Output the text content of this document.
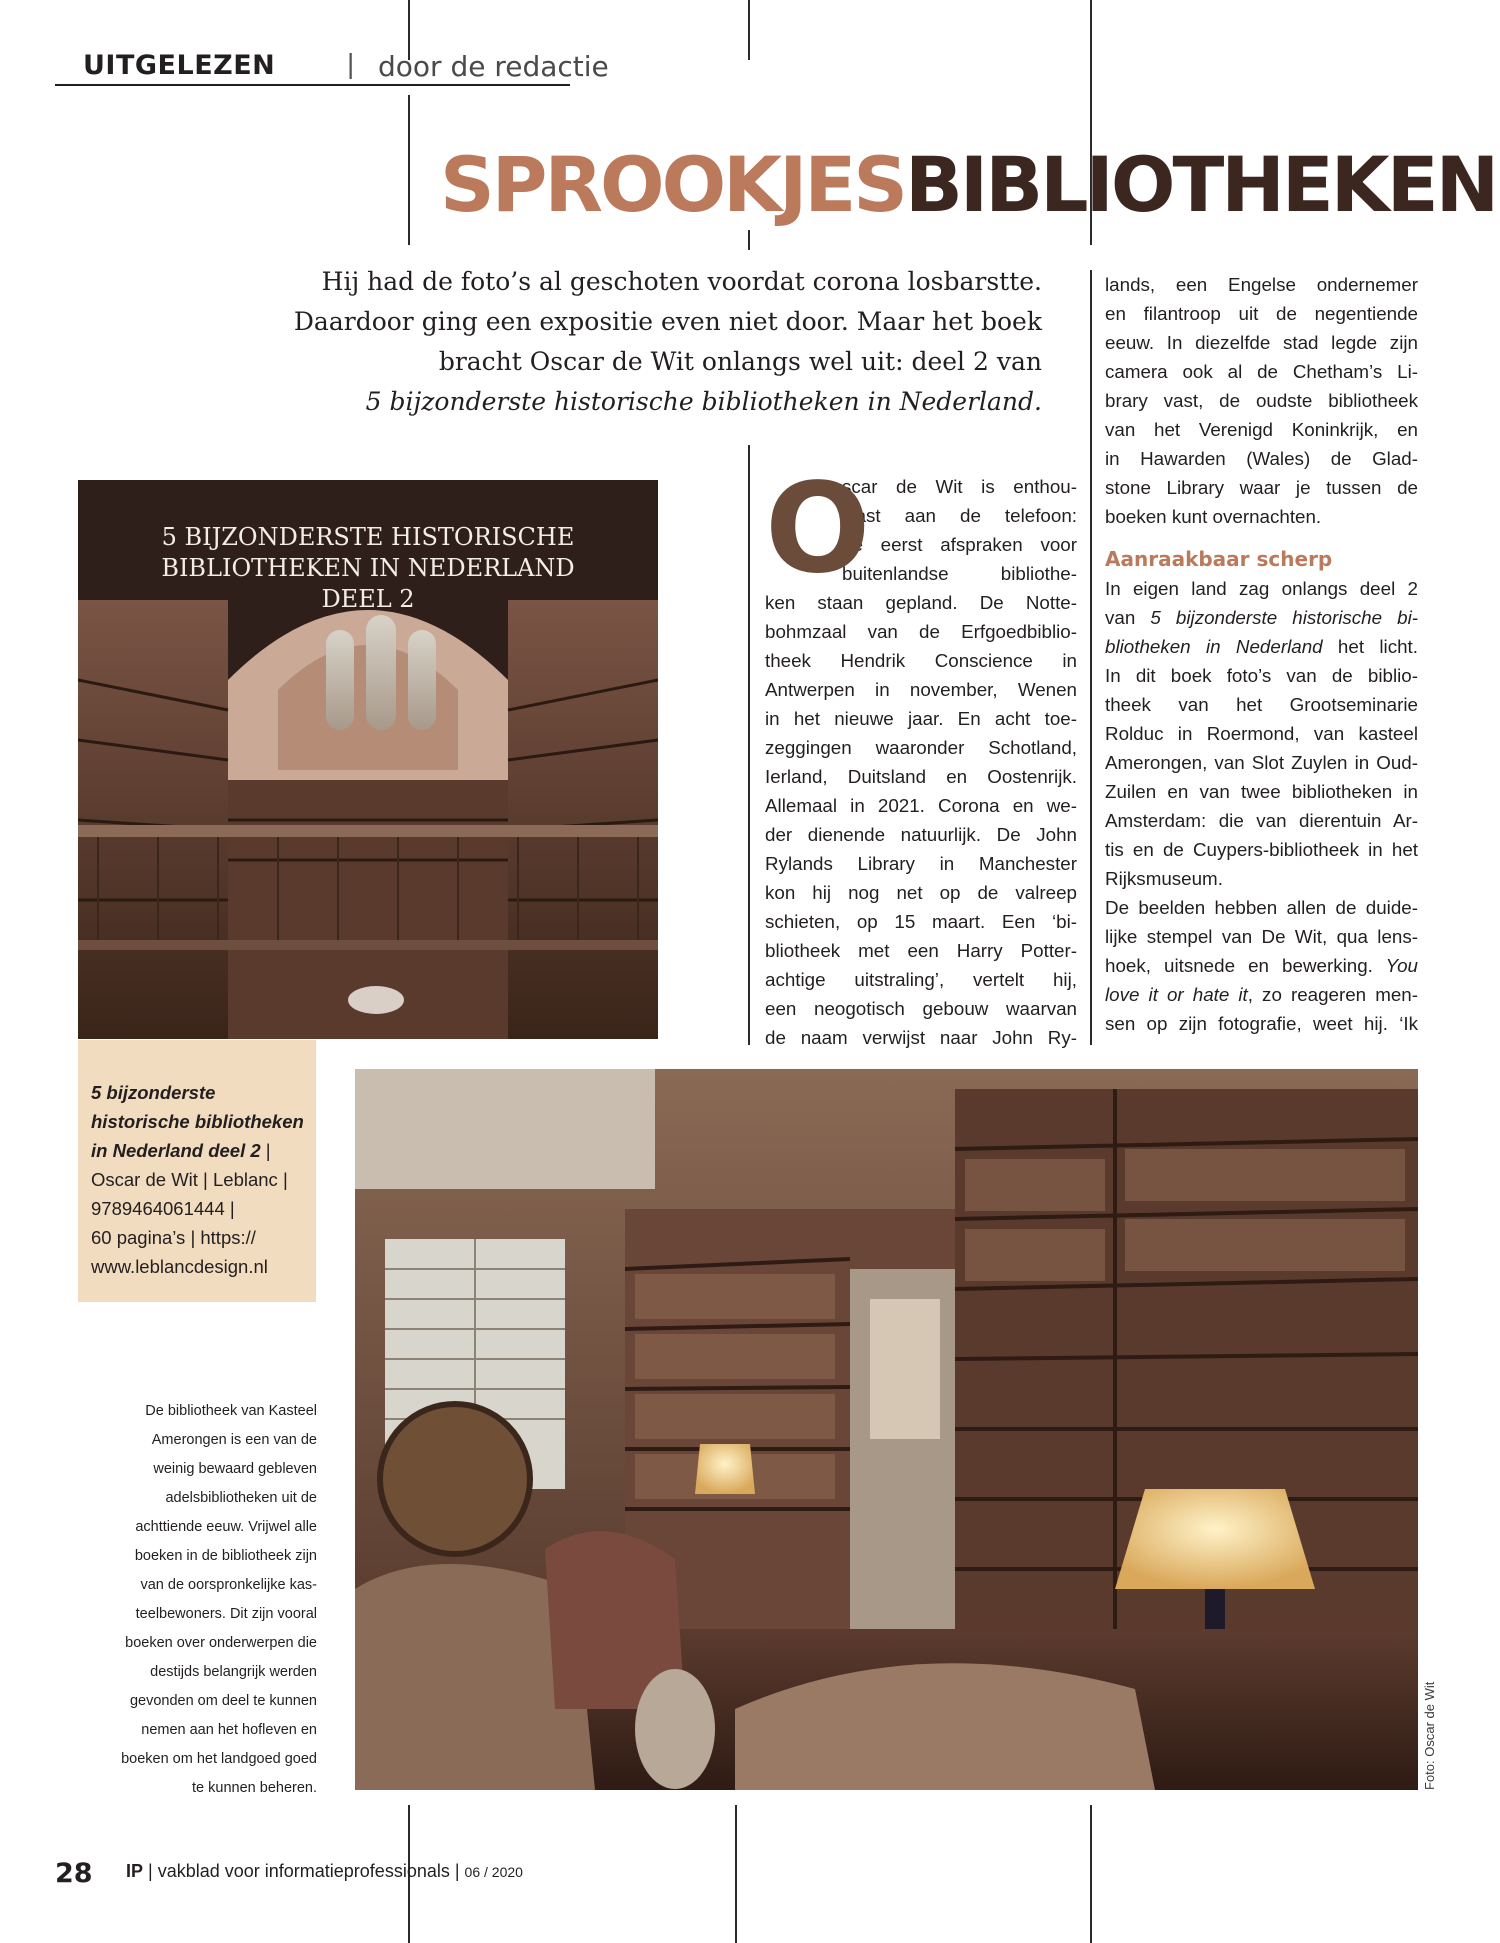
UITGELEZEN	| door de redactie
SPROOKJESBIBLIOTHEKEN
Hij had de foto’s al geschoten voordat corona losbarstte.
Daardoor ging een expositie even niet door. Maar het boek
bracht Oscar de Wit onlangs wel uit: deel 2 van
5 bijzonderste historische bibliotheken in Nederland.
5 BIJZONDERSTE HISTORISCHE
BIBLIOTHEKEN IN NEDERLAND
DEEL 2
5 bijzonderste
historische bibliotheken
in Nederland deel 2 |
Oscar de Wit | Leblanc |
9789464061444 |
60 pagina’s | https://
www.leblancdesign.nl
De bibliotheek van Kasteel
Amerongen is een van de
weinig bewaard gebleven
adelsbibliotheken uit de
achttiende eeuw. Vrijwel alle
boeken in de bibliotheek zijn
van de oorspronkelijke kas-
teelbewoners. Dit zijn vooral
boeken over onderwerpen die
destijds belangrijk werden
gevonden om deel te kunnen
nemen aan het hofleven en
boeken om het landgoed goed
te kunnen beheren.
O
scar de Wit is enthou-
siast aan de telefoon:
de eerst afspraken voor
buitenlandse bibliothe-
ken staan gepland. De Notte-
bohmzaal van de Erfgoedbiblio-
theek Hendrik Conscience in
Antwerpen in november, Wenen
in het nieuwe jaar. En acht toe-
zeggingen waaronder Schotland,
Ierland, Duitsland en Oostenrijk.
Allemaal in 2021. Corona en we-
der dienende natuurlijk. De John
Rylands Library in Manchester
kon hij nog net op de valreep
schieten, op 15 maart. Een ‘bi-
bliotheek met een Harry Potter-
achtige uitstraling’, vertelt hij,
een neogotisch gebouw waarvan
de naam verwijst naar John Ry-
lands, een Engelse ondernemer
en filantroop uit de negentiende
eeuw. In diezelfde stad legde zijn
camera ook al de Chetham’s Li-
brary vast, de oudste bibliotheek
van het Verenigd Koninkrijk, en
in Hawarden (Wales) de Glad-
stone Library waar je tussen de
boeken kunt overnachten.
Aanraakbaar scherp
In eigen land zag onlangs deel 2
van 5 bijzonderste historische bi-
bliotheken in Nederland het licht.
In dit boek foto’s van de biblio-
theek van het Grootseminarie
Rolduc in Roermond, van kasteel
Amerongen, van Slot Zuylen in Oud-
Zuilen en van twee bibliotheken in
Amsterdam: die van dierentuin Ar-
tis en de Cuypers-bibliotheek in het
Rijksmuseum.
De beelden hebben allen de duide-
lijke stempel van De Wit, qua lens-
hoek, uitsnede en bewerking. You
love it or hate it, zo reageren men-
sen op zijn fotografie, weet hij. ‘Ik
Foto: Oscar de Wit
28 IP | vakblad voor informatieprofessionals | 06 / 2020
